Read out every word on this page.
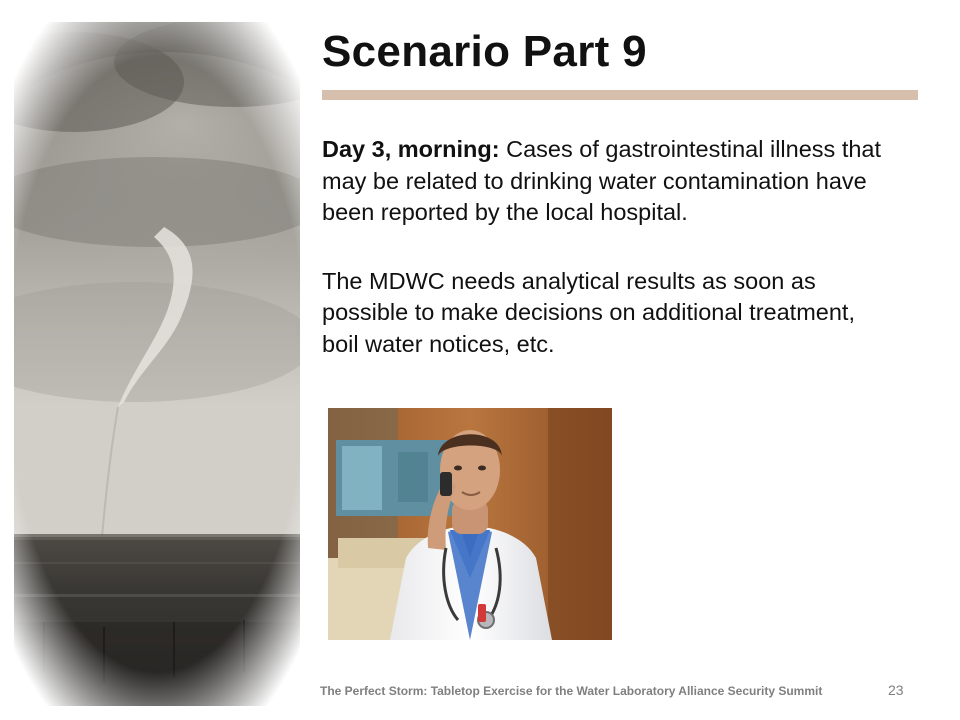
Scenario Part 9

Day 3, morning: Cases of gastrointestinal illness that may be related to drinking water contamination have been reported by the local hospital.

The MDWC needs analytical results as soon as possible to make decisions on additional treatment, boil water notices, etc.

The Perfect Storm: Tabletop Exercise for the Water Laboratory Alliance Security Summit	23
